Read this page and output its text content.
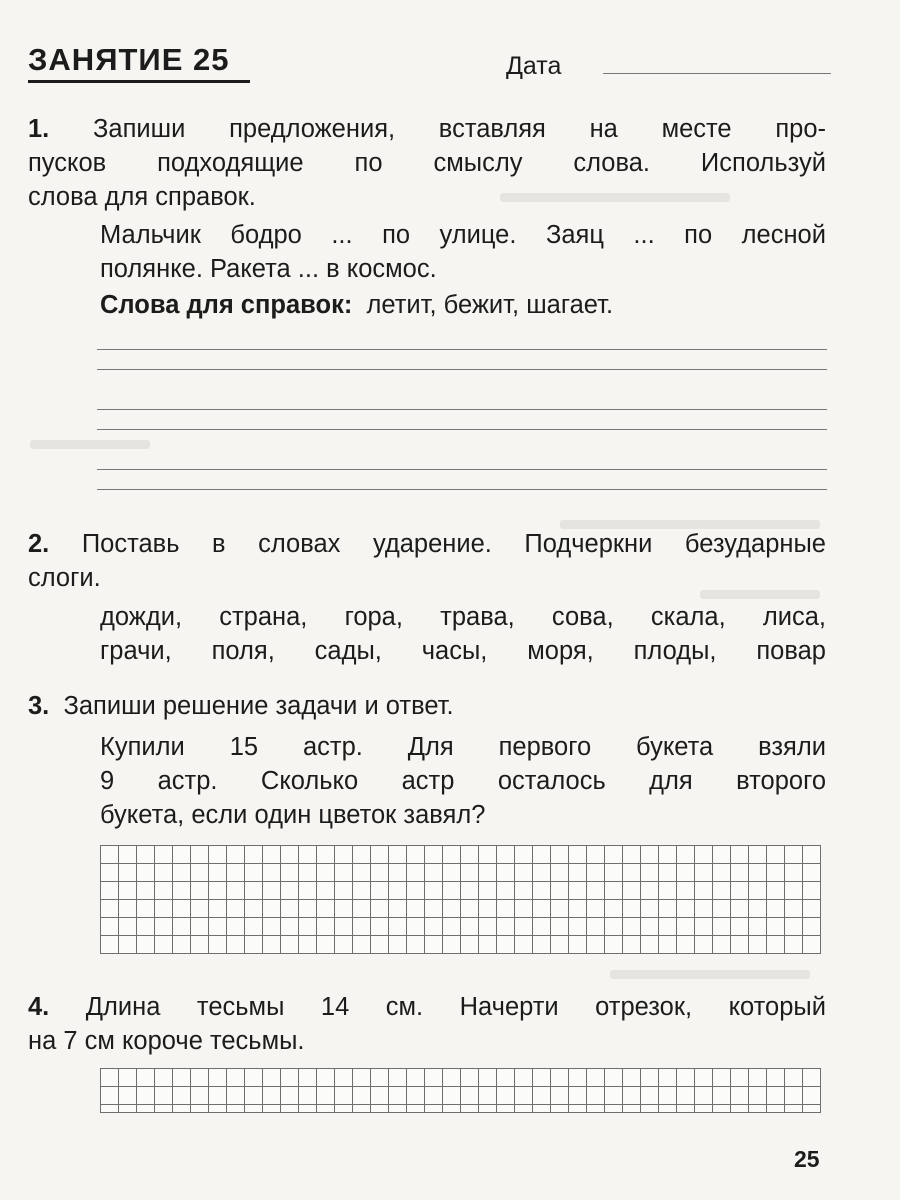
ЗАНЯТИЕ 25	Дата
1. Запиши предложения, вставляя на месте про-
пусков подходящие по смыслу слова. Используй
слова для справок.
Мальчик бодро ... по улице. Заяц ... по лесной
полянке. Ракета ... в космос.
Слова для справок: летит, бежит, шагает.
2. Поставь в словах ударение. Подчеркни безударные
слоги.
дожди, страна, гора, трава, сова, скала, лиса,
грачи, поля, сады, часы, моря, плоды, повар
3. Запиши решение задачи и ответ.
Купили 15 астр. Для первого букета взяли
9 астр. Сколько астр осталось для второго
букета, если один цветок завял?
4. Длина тесьмы 14 см. Начерти отрезок, который
на 7 см короче тесьмы.
25
